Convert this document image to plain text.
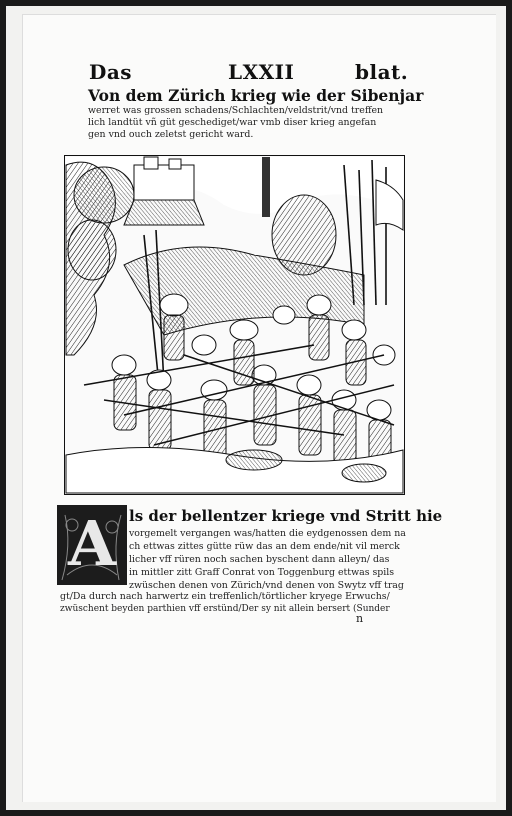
Das	LXXII	blat.
Von dem Zürich krieg wie der Sibenjar
werret was grossen schadens/Schlachten/veldstrit/vnd treffen
lich landtüt vñ güt geschediget/war vmb diser krieg angefan
gen vnd ouch zeletst gericht ward.
A ls der bellentzer kriege vnd Stritt hie
vorgemelt vergangen was/hatten die eydgenossen dem na
ch ettwas zittes gütte rüw das an dem ende/nit vil merck
licher vff rüren noch sachen byschent dann alleyn/ das
in mittler zitt Graff Conrat von Toggenburg ettwas spils
zwüschen denen von Zürich/vnd denen von Swytz vff trag
gt/Da durch nach harwertz ein treffenlich/törtlicher kryege Erwuchs/
zwüschent beyden parthien vff erstünd/Der sy nit allein bersert (Sunder
n
